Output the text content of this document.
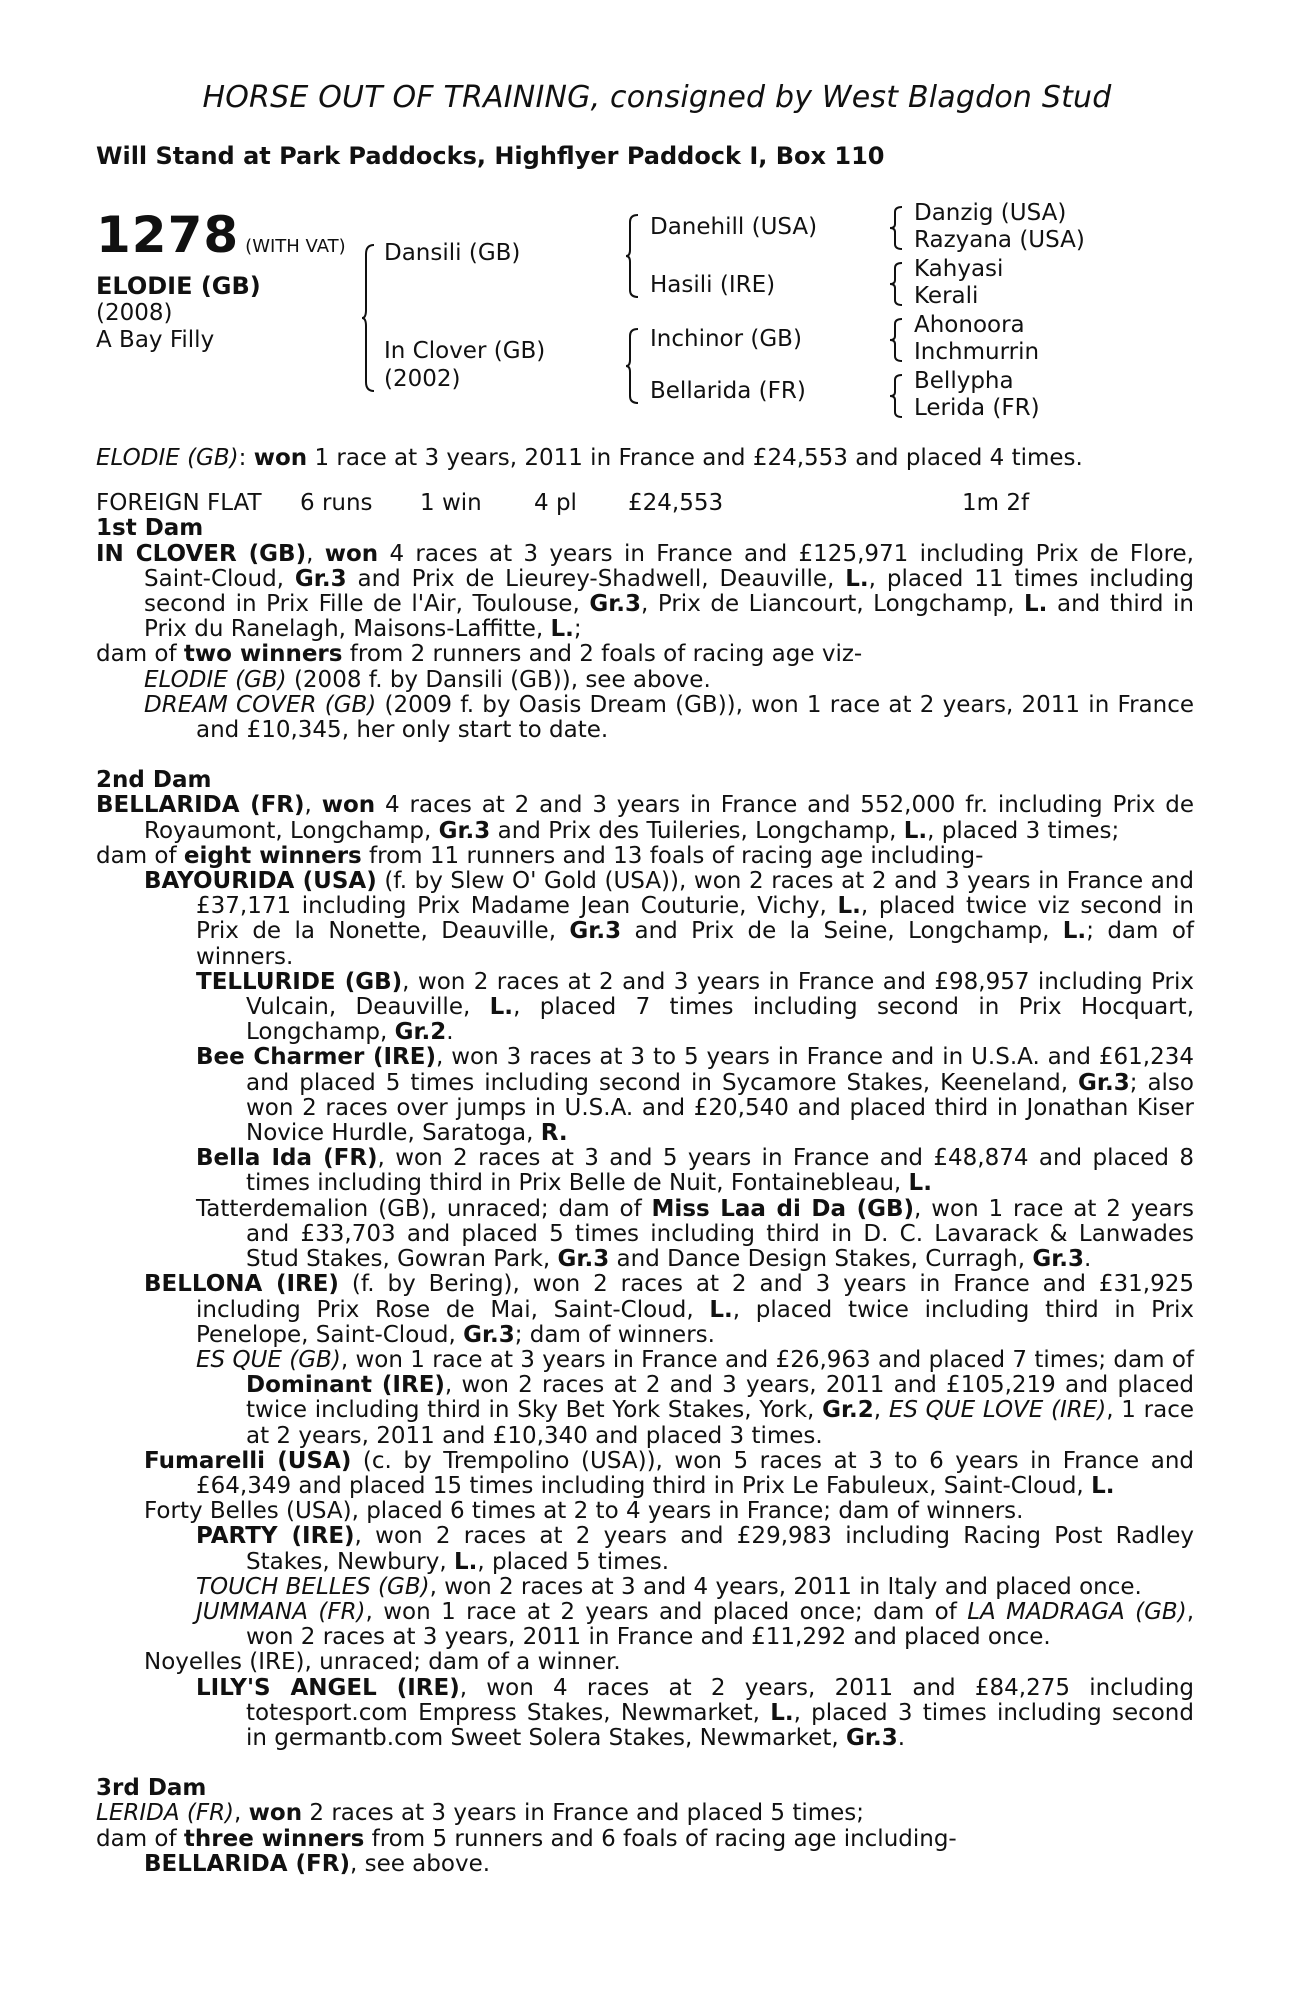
HORSE OUT OF TRAINING, consigned by West Blagdon Stud
Will Stand at Park Paddocks, Highflyer Paddock I, Box 110
1278 (WITH VAT)
ELODIE (GB)
(2008)
A Bay Filly
Dansili (GB)
In Clover (GB)
(2002)
Danehill (USA)
Hasili (IRE)
Inchinor (GB)
Bellarida (FR)
Danzig (USA)
Razyana (USA)
Kahyasi
Kerali
Ahonoora
Inchmurrin
Bellypha
Lerida (FR)

ELODIE (GB): won 1 race at 3 years, 2011 in France and £24,553 and placed 4 times.

FOREIGN FLAT	6 runs	1 win	4 pl	£24,553	1m 2f

1st Dam

IN CLOVER (GB), won 4 races at 3 years in France and £125,971 including Prix de Flore, Saint-Cloud, Gr.3 and Prix de Lieurey-Shadwell, Deauville, L., placed 11 times including second in Prix Fille de l'Air, Toulouse, Gr.3, Prix de Liancourt, Longchamp, L. and third in Prix du Ranelagh, Maisons-Laffitte, L.;

dam of two winners from 2 runners and 2 foals of racing age viz-

ELODIE (GB) (2008 f. by Dansili (GB)), see above.

DREAM COVER (GB) (2009 f. by Oasis Dream (GB)), won 1 race at 2 years, 2011 in France and £10,345, her only start to date.

2nd Dam

BELLARIDA (FR), won 4 races at 2 and 3 years in France and 552,000 fr. including Prix de Royaumont, Longchamp, Gr.3 and Prix des Tuileries, Longchamp, L., placed 3 times;

dam of eight winners from 11 runners and 13 foals of racing age including-

BAYOURIDA (USA) (f. by Slew O' Gold (USA)), won 2 races at 2 and 3 years in France and £37,171 including Prix Madame Jean Couturie, Vichy, L., placed twice viz second in Prix de la Nonette, Deauville, Gr.3 and Prix de la Seine, Longchamp, L.; dam of winners.

TELLURIDE (GB), won 2 races at 2 and 3 years in France and £98,957 including Prix Vulcain, Deauville, L., placed 7 times including second in Prix Hocquart, Longchamp, Gr.2.

Bee Charmer (IRE), won 3 races at 3 to 5 years in France and in U.S.A. and £61,234 and placed 5 times including second in Sycamore Stakes, Keeneland, Gr.3; also won 2 races over jumps in U.S.A. and £20,540 and placed third in Jonathan Kiser Novice Hurdle, Saratoga, R.

Bella Ida (FR), won 2 races at 3 and 5 years in France and £48,874 and placed 8 times including third in Prix Belle de Nuit, Fontainebleau, L.

Tatterdemalion (GB), unraced; dam of Miss Laa di Da (GB), won 1 race at 2 years and £33,703 and placed 5 times including third in D. C. Lavarack & Lanwades Stud Stakes, Gowran Park, Gr.3 and Dance Design Stakes, Curragh, Gr.3.

BELLONA (IRE) (f. by Bering), won 2 races at 2 and 3 years in France and £31,925 including Prix Rose de Mai, Saint-Cloud, L., placed twice including third in Prix Penelope, Saint-Cloud, Gr.3; dam of winners.

ES QUE (GB), won 1 race at 3 years in France and £26,963 and placed 7 times; dam of Dominant (IRE), won 2 races at 2 and 3 years, 2011 and £105,219 and placed twice including third in Sky Bet York Stakes, York, Gr.2, ES QUE LOVE (IRE), 1 race at 2 years, 2011 and £10,340 and placed 3 times.

Fumarelli (USA) (c. by Trempolino (USA)), won 5 races at 3 to 6 years in France and £64,349 and placed 15 times including third in Prix Le Fabuleux, Saint-Cloud, L.

Forty Belles (USA), placed 6 times at 2 to 4 years in France; dam of winners.

PARTY (IRE), won 2 races at 2 years and £29,983 including Racing Post Radley Stakes, Newbury, L., placed 5 times.

TOUCH BELLES (GB), won 2 races at 3 and 4 years, 2011 in Italy and placed once.

JUMMANA (FR), won 1 race at 2 years and placed once; dam of LA MADRAGA (GB), won 2 races at 3 years, 2011 in France and £11,292 and placed once.

Noyelles (IRE), unraced; dam of a winner.

LILY'S ANGEL (IRE), won 4 races at 2 years, 2011 and £84,275 including totesport.com Empress Stakes, Newmarket, L., placed 3 times including second in germantb.com Sweet Solera Stakes, Newmarket, Gr.3.

3rd Dam

LERIDA (FR), won 2 races at 3 years in France and placed 5 times;

dam of three winners from 5 runners and 6 foals of racing age including-

BELLARIDA (FR), see above.
